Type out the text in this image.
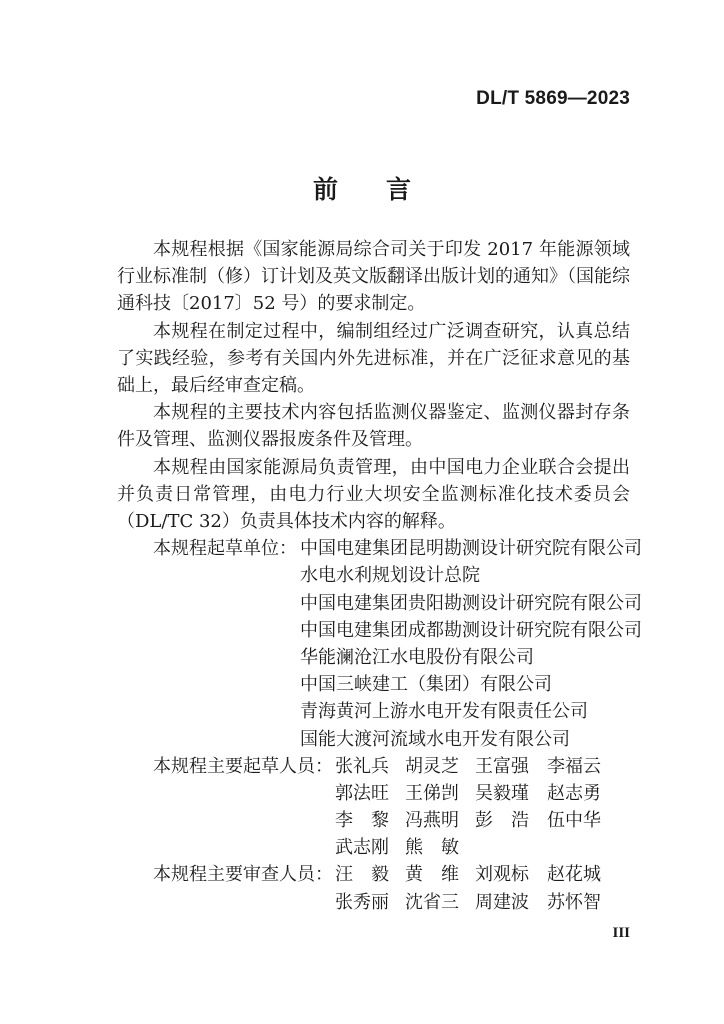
DL/T 5869—2023
前言

本规程根据《国家能源局综合司关于印发 2017 年能源领域行业标准制（修）订计划及英文版翻译出版计划的通知》（国能综通科技〔2017〕52 号）的要求制定。

本规程在制定过程中，编制组经过广泛调查研究，认真总结了实践经验，参考有关国内外先进标准，并在广泛征求意见的基础上，最后经审查定稿。

本规程的主要技术内容包括监测仪器鉴定、监测仪器封存条件及管理、监测仪器报废条件及管理。

本规程由国家能源局负责管理，由中国电力企业联合会提出并负责日常管理，由电力行业大坝安全监测标准化技术委员会（DL/TC 32）负责具体技术内容的解释。

本规程起草单位： 中国电建集团昆明勘测设计研究院有限公司
水电水利规划设计总院
中国电建集团贵阳勘测设计研究院有限公司
中国电建集团成都勘测设计研究院有限公司
华能澜沧江水电股份有限公司
中国三峡建工（集团）有限公司
青海黄河上游水电开发有限责任公司
国能大渡河流域水电开发有限公司
本规程主要起草人员： 张礼兵 胡灵芝 王富强	李福云
郭法旺 王俤剀 吴毅瑾	赵志勇
李　黎 冯燕明 彭　浩	伍中华
武志刚 熊　敏
本规程主要审查人员： 汪　毅 黄　维 刘观标	赵花城
张秀丽 沈省三 周建波	苏怀智
III
